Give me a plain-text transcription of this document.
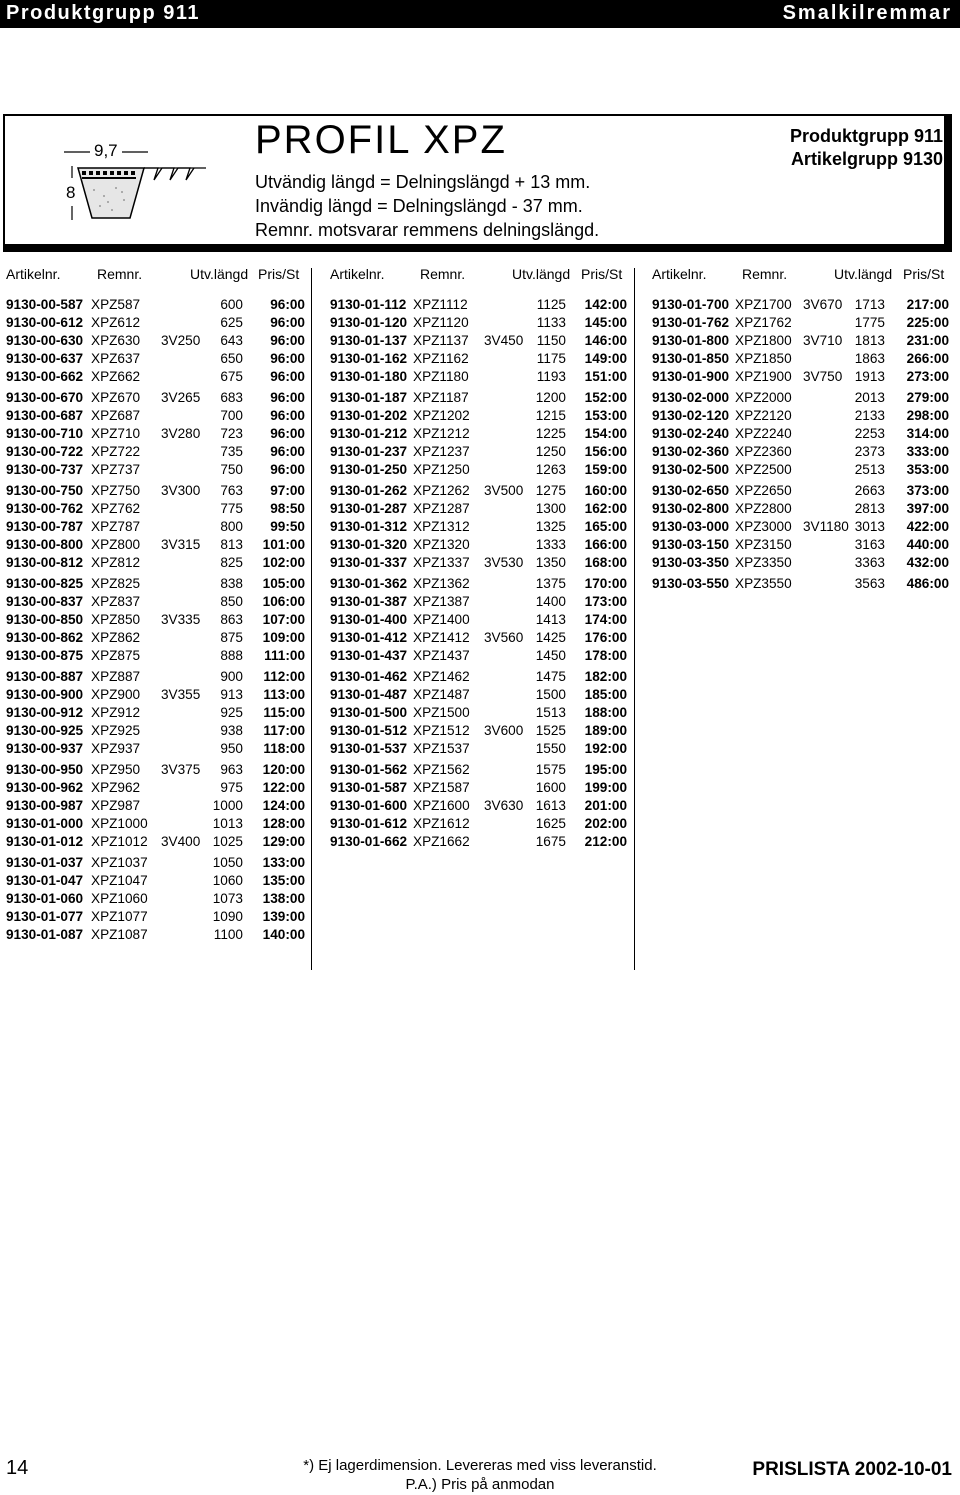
Produktgrupp 911	Smalkilremmar
9,7
8
PROFIL XPZ
Utvändig längd = Delningslängd + 13 mm.
Invändig längd = Delningslängd - 37 mm.
Remnr. motsvarar remmens delningslängd.
Produktgrupp 911
Artikelgrupp 9130
Artikelnr.	Remnr.	Utv.längd Pris/St Artikelnr.	Remnr.	Utv.längd Pris/St Artikelnr.	Remnr.	Utv.längd Pris/St
9130-00-587 XPZ587	600	96:00
9130-00-612 XPZ612	625	96:00
9130-00-630 XPZ630 3V250	643	96:00
9130-00-637 XPZ637	650	96:00
9130-00-662 XPZ662	675	96:00
9130-00-670 XPZ670 3V265	683	96:00
9130-00-687 XPZ687	700	96:00
9130-00-710 XPZ710 3V280	723	96:00
9130-00-722 XPZ722	735	96:00
9130-00-737 XPZ737	750	96:00
9130-00-750 XPZ750 3V300	763	97:00
9130-00-762 XPZ762	775	98:50
9130-00-787 XPZ787	800	99:50
9130-00-800 XPZ800 3V315	813	101:00
9130-00-812 XPZ812	825	102:00
9130-00-825 XPZ825	838	105:00
9130-00-837 XPZ837	850	106:00
9130-00-850 XPZ850 3V335	863	107:00
9130-00-862 XPZ862	875	109:00
9130-00-875 XPZ875	888	111:00
9130-00-887 XPZ887	900	112:00
9130-00-900 XPZ900 3V355	913	113:00
9130-00-912 XPZ912	925	115:00
9130-00-925 XPZ925	938	117:00
9130-00-937 XPZ937	950	118:00
9130-00-950 XPZ950 3V375	963	120:00
9130-00-962 XPZ962	975	122:00
9130-00-987 XPZ987	1000	124:00
9130-01-000 XPZ1000	1013	128:00
9130-01-012 XPZ1012 3V400 1025	129:00
9130-01-037 XPZ1037	1050	133:00
9130-01-047 XPZ1047	1060	135:00
9130-01-060 XPZ1060	1073	138:00
9130-01-077 XPZ1077	1090	139:00
9130-01-087 XPZ1087	1100	140:00
9130-01-112 XPZ1112	1125	142:00
9130-01-120 XPZ1120	1133	145:00
9130-01-137 XPZ1137 3V450 1150	146:00
9130-01-162 XPZ1162	1175	149:00
9130-01-180 XPZ1180	1193	151:00
9130-01-187 XPZ1187	1200	152:00
9130-01-202 XPZ1202	1215	153:00
9130-01-212 XPZ1212	1225	154:00
9130-01-237 XPZ1237	1250	156:00
9130-01-250 XPZ1250	1263	159:00
9130-01-262 XPZ1262 3V500 1275	160:00
9130-01-287 XPZ1287	1300	162:00
9130-01-312 XPZ1312	1325	165:00
9130-01-320 XPZ1320	1333	166:00
9130-01-337 XPZ1337 3V530 1350	168:00
9130-01-362 XPZ1362	1375	170:00
9130-01-387 XPZ1387	1400	173:00
9130-01-400 XPZ1400	1413	174:00
9130-01-412 XPZ1412 3V560 1425	176:00
9130-01-437 XPZ1437	1450	178:00
9130-01-462 XPZ1462	1475	182:00
9130-01-487 XPZ1487	1500	185:00
9130-01-500 XPZ1500	1513	188:00
9130-01-512 XPZ1512 3V600 1525	189:00
9130-01-537 XPZ1537	1550	192:00
9130-01-562 XPZ1562	1575	195:00
9130-01-587 XPZ1587	1600	199:00
9130-01-600 XPZ1600 3V630 1613	201:00
9130-01-612 XPZ1612	1625	202:00
9130-01-662 XPZ1662	1675	212:00
9130-01-700 XPZ1700 3V670 1713	217:00
9130-01-762 XPZ1762	1775	225:00
9130-01-800 XPZ1800 3V710 1813	231:00
9130-01-850 XPZ1850	1863	266:00
9130-01-900 XPZ1900 3V750 1913	273:00
9130-02-000 XPZ2000	2013	279:00
9130-02-120 XPZ2120	2133	298:00
9130-02-240 XPZ2240	2253	314:00
9130-02-360 XPZ2360	2373	333:00
9130-02-500 XPZ2500	2513	353:00
9130-02-650 XPZ2650	2663	373:00
9130-02-800 XPZ2800	2813	397:00
9130-03-000 XPZ3000 3V1180 3013	422:00
9130-03-150 XPZ3150	3163	440:00
9130-03-350 XPZ3350	3363	432:00
9130-03-550 XPZ3550	3563	486:00
14	*) Ej lagerdimension. Levereras med viss leveranstid.
P.A.) Pris på anmodan
PRISLISTA 2002-10-01
